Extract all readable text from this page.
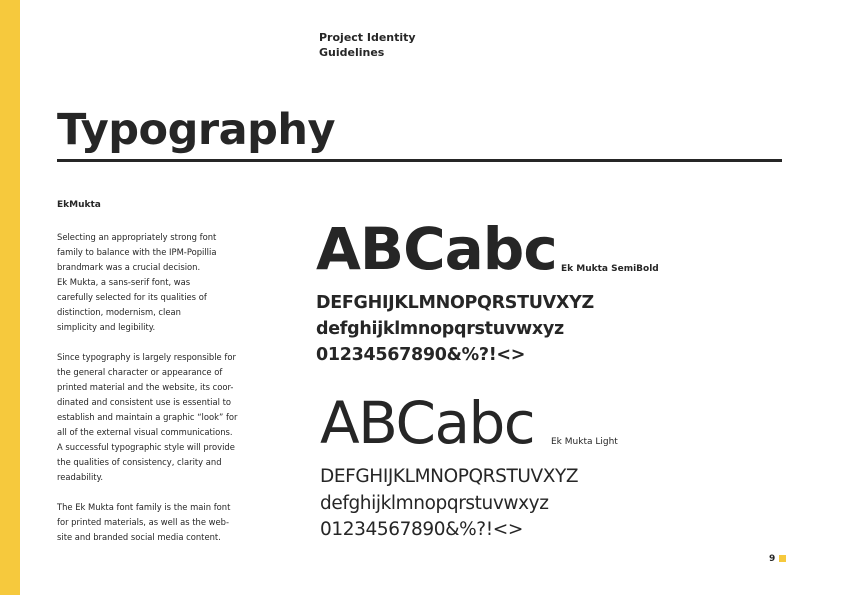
Project Identity
Guidelines
Typography
EkMukta

Selecting an appropriately strong font
family to balance with the IPM-Popillia
brandmark was a crucial decision.
Ek Mukta, a sans-serif font, was
carefully selected for its qualities of
distinction, modernism, clean
simplicity and legibility.

Since typography is largely responsible for
the general character or appearance of
printed material and the website, its coor-
dinated and consistent use is essential to
establish and maintain a graphic “look” for
all of the external visual communications.
A successful typographic style will provide
the qualities of consistency, clarity and
readability.

The Ek Mukta font family is the main font
for printed materials, as well as the web-
site and branded social media content.

ABCabc Ek Mukta SemiBold
DEFGHIJKLMNOPQRSTUVXYZ
defghijklmnopqrstuvwxyz
01234567890&%?!<>
ABCabc Ek Mukta Light
DEFGHIJKLMNOPQRSTUVXYZ
defghijklmnopqrstuvwxyz
01234567890&%?!<>
9
